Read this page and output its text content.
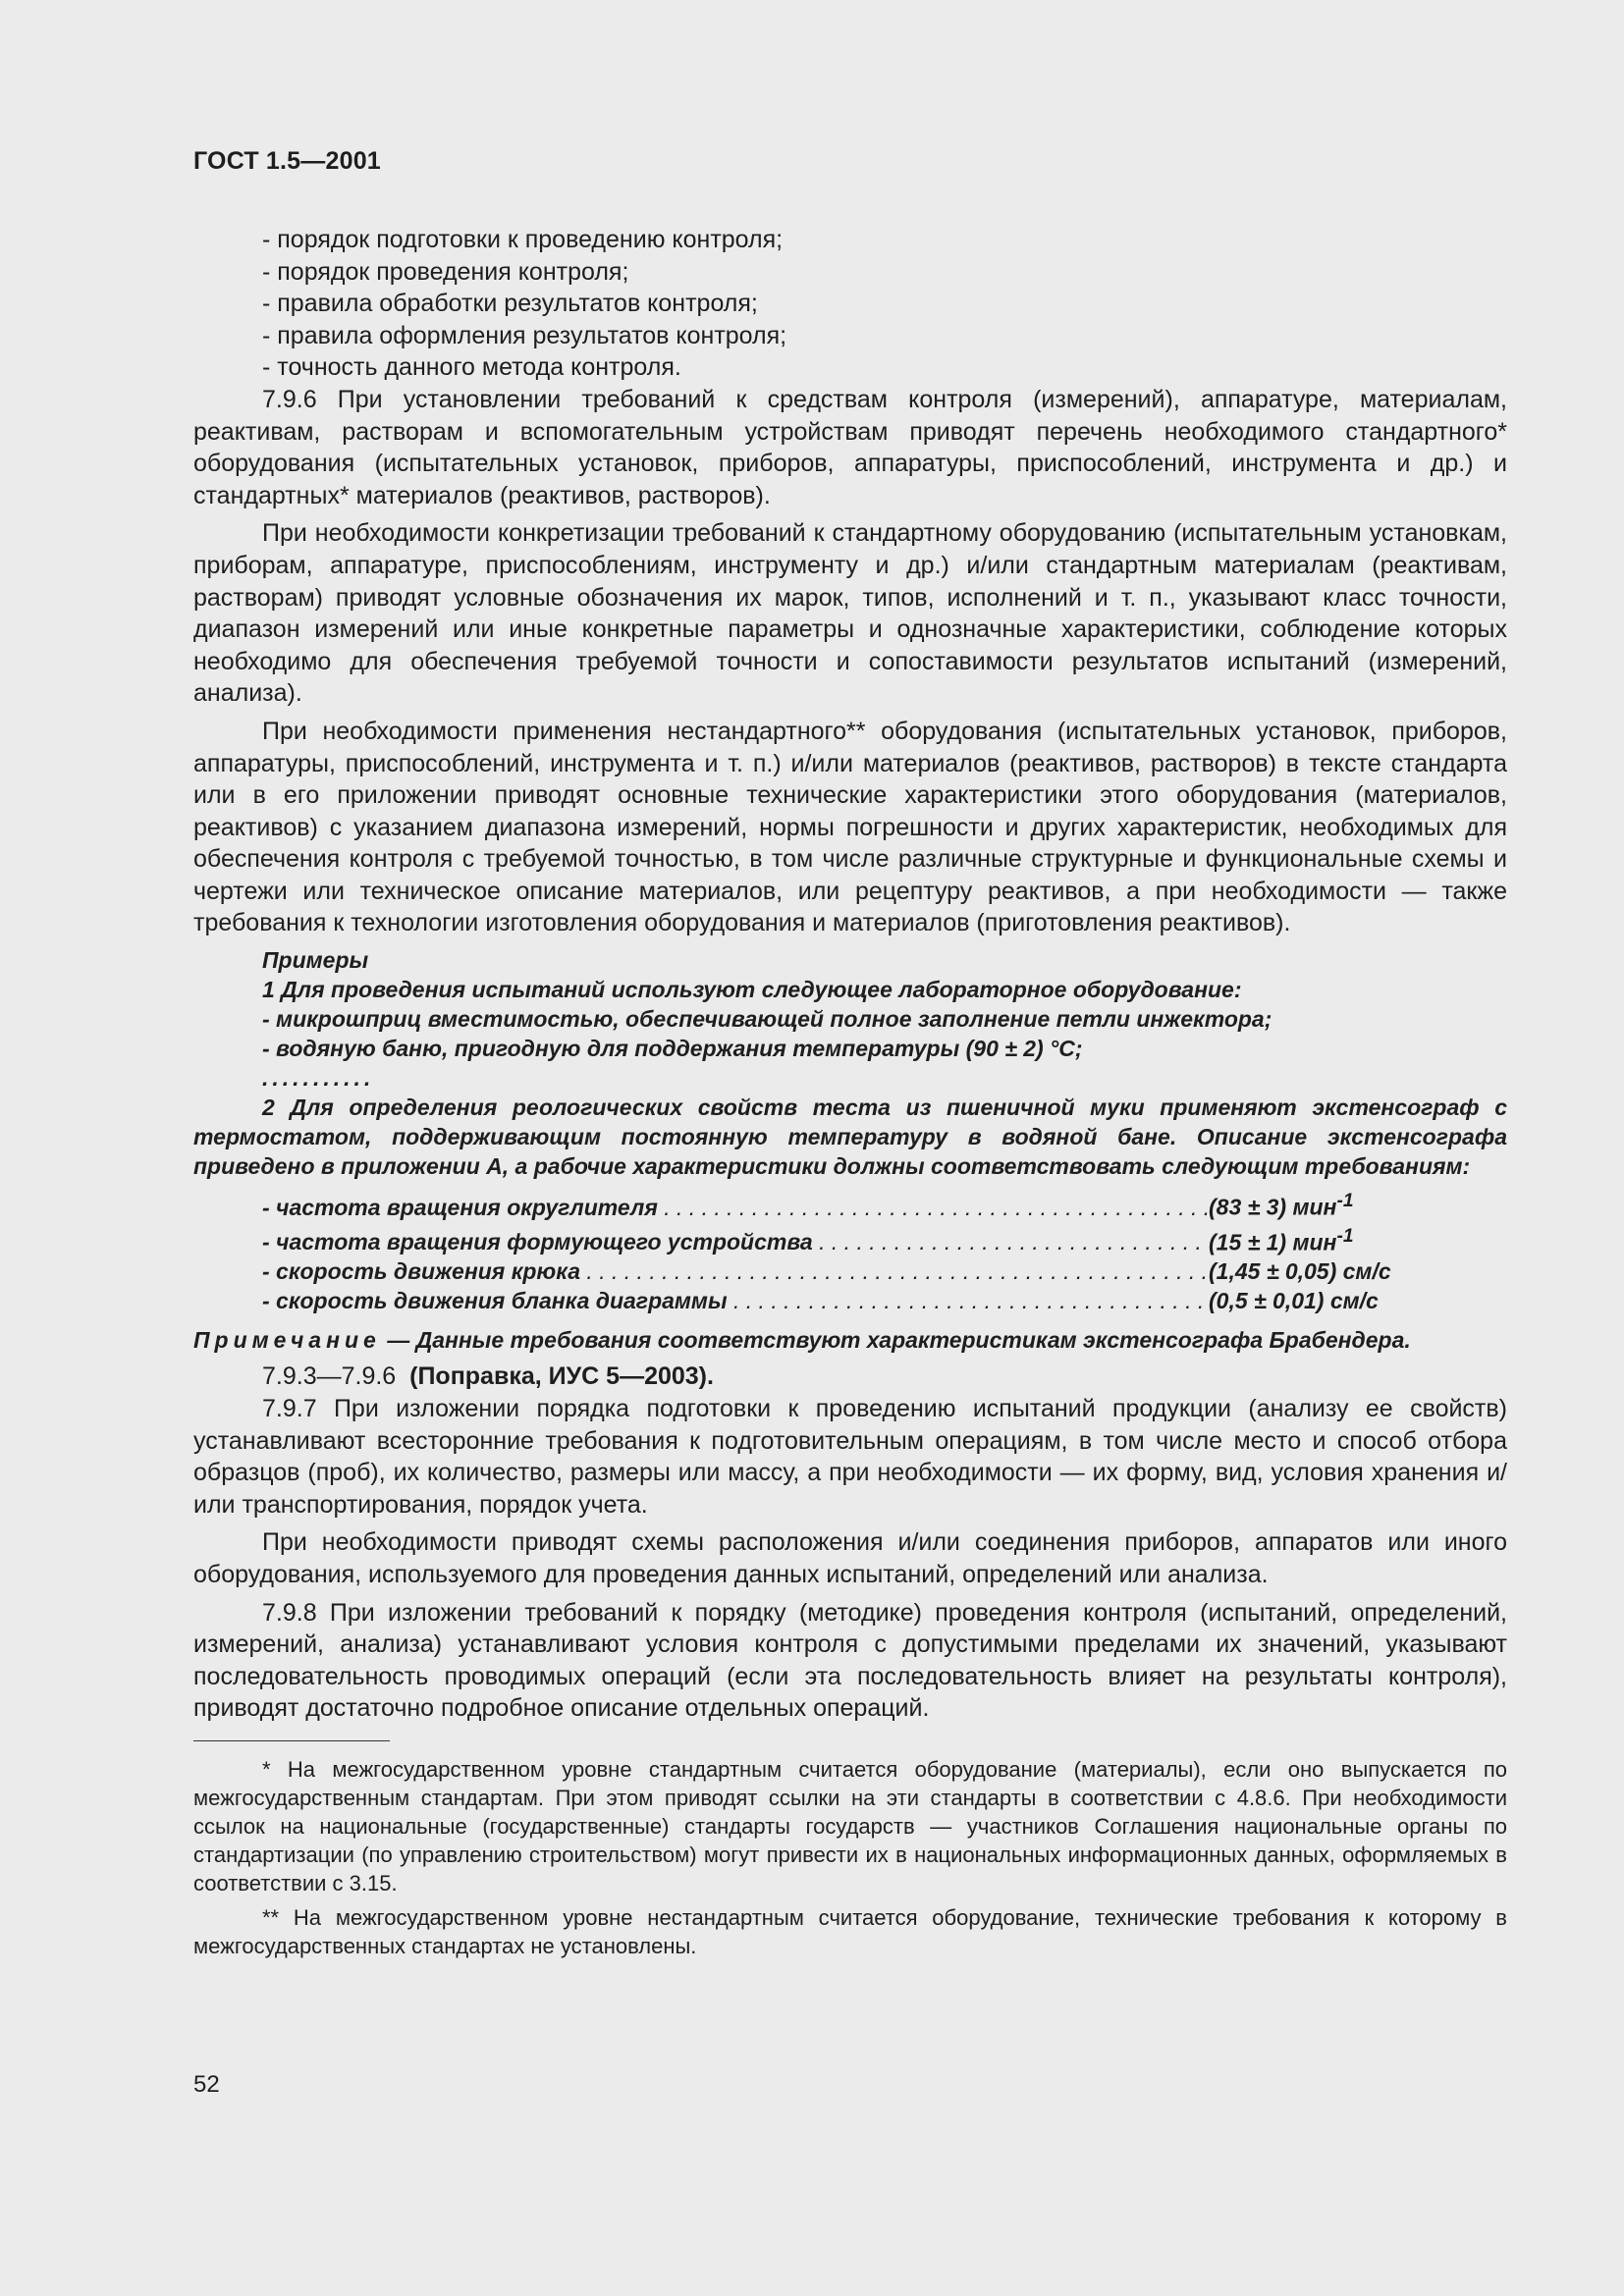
ГОСТ 1.5—2001

- порядок подготовки к проведению контроля;

- порядок проведения контроля;

- правила обработки результатов контроля;

- правила оформления результатов контроля;

- точность данного метода контроля.

7.9.6 При установлении требований к средствам контроля (измерений), аппаратуре, материалам, реактивам, растворам и вспомогательным устройствам приводят перечень необходимого стандартного* оборудования (испытательных установок, приборов, аппаратуры, приспособлений, инструмента и др.) и стандартных* материалов (реактивов, растворов).

При необходимости конкретизации требований к стандартному оборудованию (испытательным установкам, приборам, аппаратуре, приспособлениям, инструменту и др.) и/или стандартным материалам (реактивам, растворам) приводят условные обозначения их марок, типов, исполнений и т. п., указывают класс точности, диапазон измерений или иные конкретные параметры и однозначные характеристики, соблюдение которых необходимо для обеспечения требуемой точности и сопоставимости результатов испытаний (измерений, анализа).

При необходимости применения нестандартного** оборудования (испытательных установок, приборов, аппаратуры, приспособлений, инструмента и т. п.) и/или материалов (реактивов, растворов) в тексте стандарта или в его приложении приводят основные технические характеристики этого оборудования (материалов, реактивов) с указанием диапазона измерений, нормы погрешности и других характеристик, необходимых для обеспечения контроля с требуемой точностью, в том числе различные структурные и функциональные схемы и чертежи или техническое описание материалов, или рецептуру реактивов, а при необходимости — также требования к технологии изготовления оборудования и материалов (приготовления реактивов).

Примеры

1 Для проведения испытаний используют следующее лабораторное оборудование:

- микрошприц вместимостью, обеспечивающей полное заполнение петли инжектора;

- водяную баню, пригодную для поддержания температуры (90 ± 2) °С;

...........

2 Для определения реологических свойств теста из пшеничной муки применяют экстенсограф с термостатом, поддерживающим постоянную температуру в водяной бане. Описание экстенсографа приведено в приложении А, а рабочие характеристики должны соответствовать следующим требованиям:

- частота вращения округлителя . . .	(83 ± 3) мин$^{-1}$
- частота вращения формующего устройства . . .	(15 ± 1) мин$^{-1}$
- скорость движения крюка . . .	(1,45 ± 0,05) см/с
- скорость движения бланка диаграммы . . .	(0,5 ± 0,01) см/с

Примечание — Данные требования соответствуют характеристикам экстенсографа Брабендера.

7.9.3—7.9.6 (Поправка, ИУС 5—2003).

7.9.7 При изложении порядка подготовки к проведению испытаний продукции (анализу ее свойств) устанавливают всесторонние требования к подготовительным операциям, в том числе место и способ отбора образцов (проб), их количество, размеры или массу, а при необходимости — их форму, вид, условия хранения и/или транспортирования, порядок учета.

При необходимости приводят схемы расположения и/или соединения приборов, аппаратов или иного оборудования, используемого для проведения данных испытаний, определений или анализа.

7.9.8 При изложении требований к порядку (методике) проведения контроля (испытаний, определений, измерений, анализа) устанавливают условия контроля с допустимыми пределами их значений, указывают последовательность проводимых операций (если эта последовательность влияет на результаты контроля), приводят достаточно подробное описание отдельных операций.

* На межгосударственном уровне стандартным считается оборудование (материалы), если оно выпускается по межгосударственным стандартам. При этом приводят ссылки на эти стандарты в соответствии с 4.8.6. При необходимости ссылок на национальные (государственные) стандарты государств — участников Соглашения национальные органы по стандартизации (по управлению строительством) могут привести их в национальных информационных данных, оформляемых в соответствии с 3.15.

** На межгосударственном уровне нестандартным считается оборудование, технические требования к которому в межгосударственных стандартах не установлены.

52
